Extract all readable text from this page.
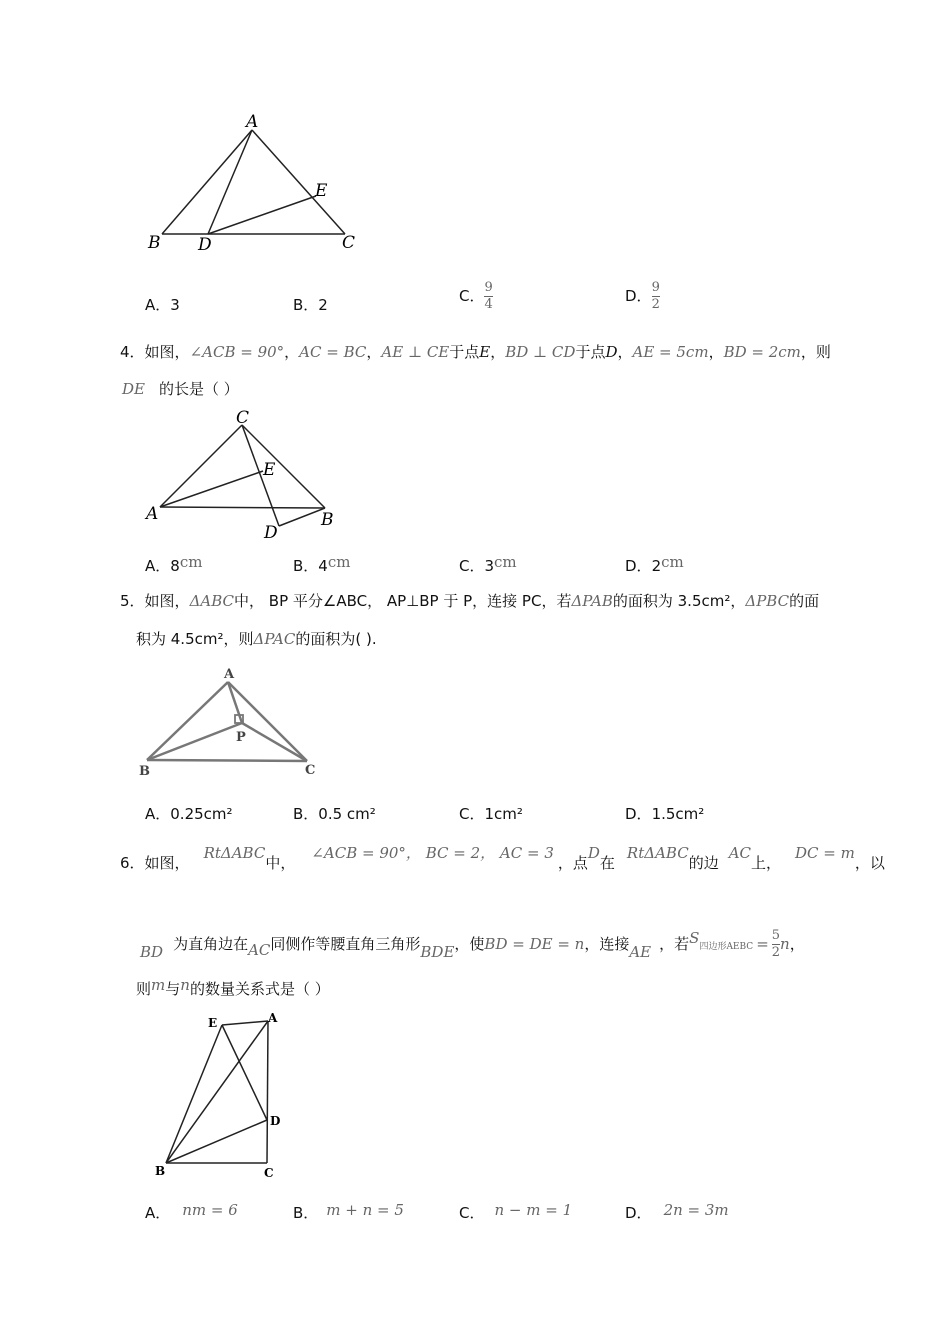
A
B D
E
C
A．3	B．2	C． $\frac{9}{4}$	D． $\frac{9}{2}$
4．如图，∠ACB = 90°，AC = BC，AE ⊥ CE于点E，BD ⊥ CD于点D，AE = 5cm，BD = 2cm，则
DE 的长是（ ）
C
E
A	B
D
A．8cm	B．4cm	C．3cm	D．2cm
5．如图，ΔABC中， BP 平分∠ABC， AP⊥BP 于 P，连接 PC，若ΔPAB的面积为 3.5cm²，ΔPBC的面
积为 4.5cm²，则ΔPAC的面积为( ).
A
P
B	C
A．0.25cm²	B．0.5 cm²	C．1cm²	D．1.5cm²
6．如图，RtΔABC中，∠ACB = 90°， BC = 2， AC = 3，点D在RtΔABC的边AC上，DC = m，以
BD 为直角边在AC同侧作等腰直角三角形BDE，使BD = DE = n，连接AE ，若S四边形AEBC = $\frac{5}{2}$ n，
则m与n的数量关系式是（ ）
E	A
D
B	C
A． nm = 6	B． m + n = 5	C． n − m = 1	D． 2n = 3m
